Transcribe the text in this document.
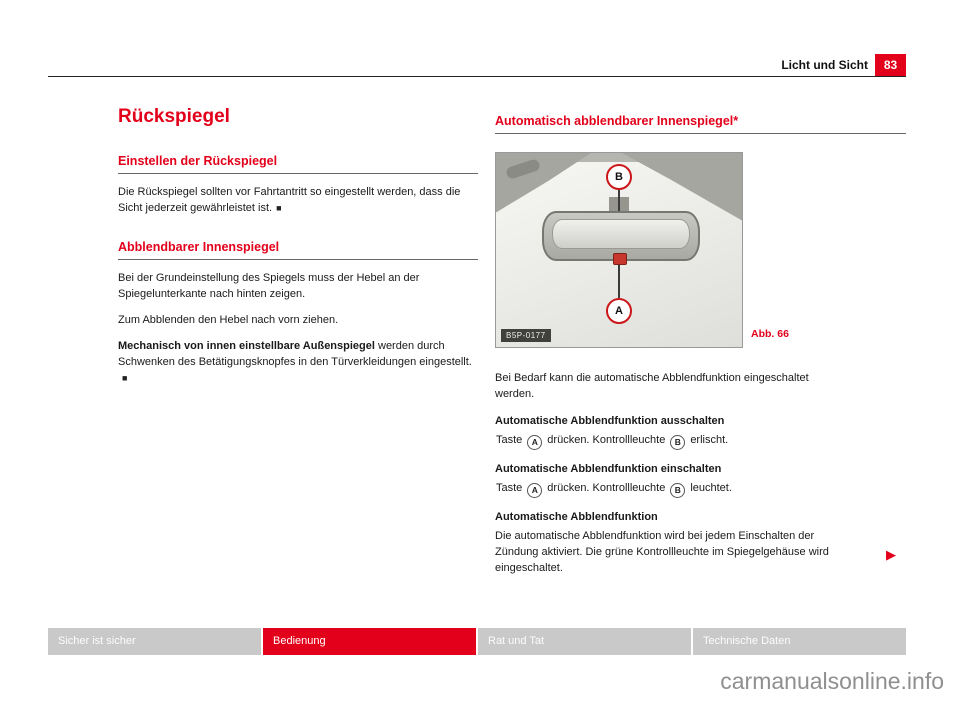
Licht und Sicht	83
Rückspiegel
Einstellen der Rückspiegel

Die Rückspiegel sollten vor Fahrtantritt so eingestellt werden, dass die Sicht jederzeit gewährleistet ist. ■

Abblendbarer Innenspiegel

Bei der Grundeinstellung des Spiegels muss der Hebel an der Spiegelunterkante nach hinten zeigen.

Zum Abblenden den Hebel nach vorn ziehen.

Mechanisch von innen einstellbare Außenspiegel werden durch Schwenken des Betätigungsknopfes in den Türverkleidungen eingestellt.■

Automatisch abblendbarer Innenspiegel*
B
A
B5P-0177	Abb. 66

Bei Bedarf kann die automatische Abblendfunktion eingeschaltet werden.

Automatische Abblendfunktion ausschalten

Taste A drücken. Kontrollleuchte B erlischt.

Automatische Abblendfunktion einschalten

Taste A drücken. Kontrollleuchte B leuchtet.

Automatische Abblendfunktion

Die automatische Abblendfunktion wird bei jedem Einschalten der Zündung aktiviert. Die grüne Kontrollleuchte im Spiegelgehäuse wird eingeschaltet.

▶
Sicher ist sicher	Bedienung	Rat und Tat	Technische Daten
carmanualsonline.info
